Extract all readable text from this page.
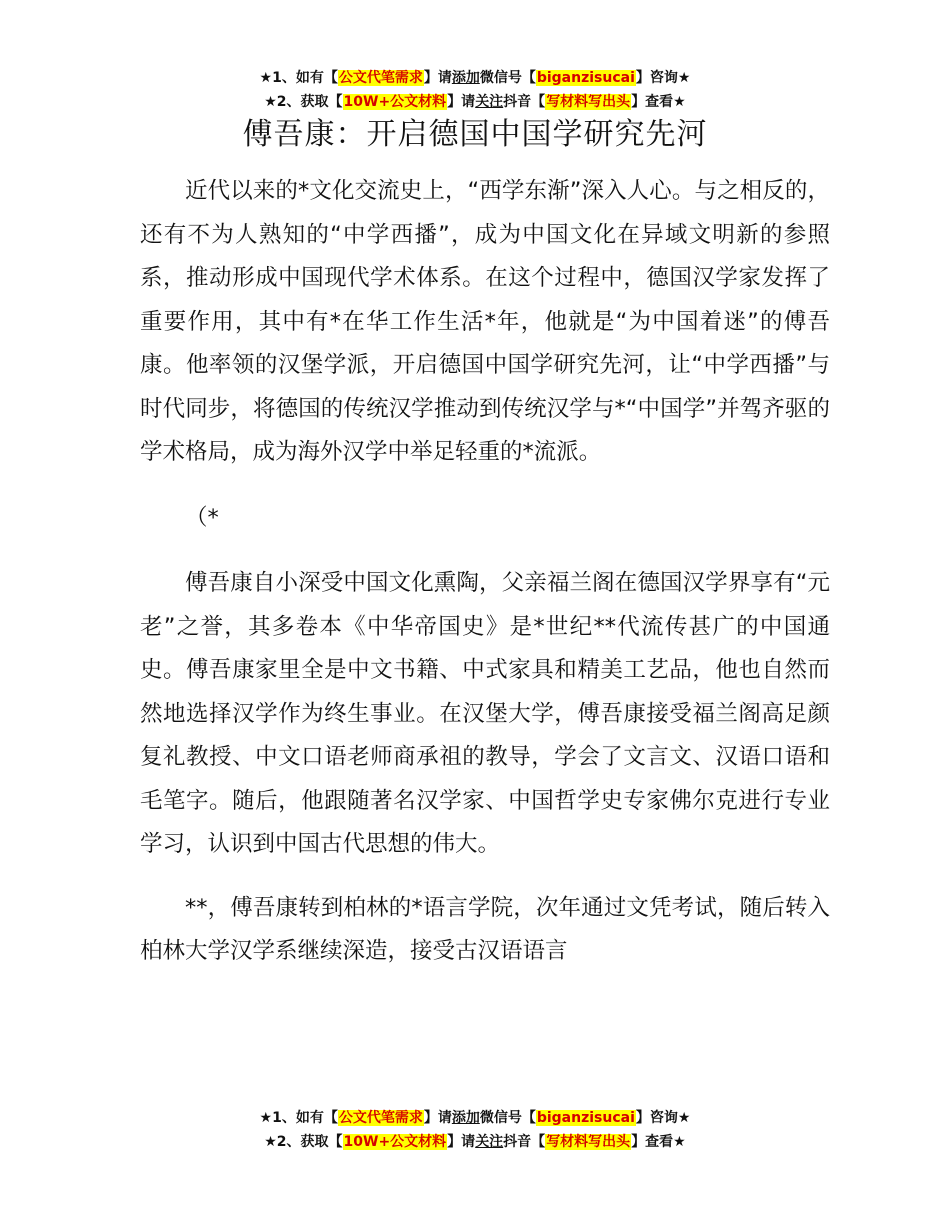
★1、如有【公文代笔需求】请添加微信号【biganzisucai】咨询★
★2、获取【10W+公文材料】请关注抖音【写材料写出头】查看★
傅吾康：开启德国中国学研究先河

近代以来的*文化交流史上，“西学东渐”深入人心。与之相反的，还有不为人熟知的“中学西播”，成为中国文化在异域文明新的参照系，推动形成中国现代学术体系。在这个过程中，德国汉学家发挥了重要作用，其中有*在华工作生活*年，他就是“为中国着迷”的傅吾康。他率领的汉堡学派，开启德国中国学研究先河，让“中学西播”与时代同步，将德国的传统汉学推动到传统汉学与*“中国学”并驾齐驱的学术格局，成为海外汉学中举足轻重的*流派。

（*

傅吾康自小深受中国文化熏陶，父亲福兰阁在德国汉学界享有“元老”之誉，其多卷本《中华帝国史》是*世纪**代流传甚广的中国通史。傅吾康家里全是中文书籍、中式家具和精美工艺品，他也自然而然地选择汉学作为终生事业。在汉堡大学，傅吾康接受福兰阁高足颜复礼教授、中文口语老师商承祖的教导，学会了文言文、汉语口语和毛笔字。随后，他跟随著名汉学家、中国哲学史专家佛尔克进行专业学习，认识到中国古代思想的伟大。

**，傅吾康转到柏林的*语言学院，次年通过文凭考试，随后转入柏林大学汉学系继续深造，接受古汉语语言

★1、如有【公文代笔需求】请添加微信号【biganzisucai】咨询★
★2、获取【10W+公文材料】请关注抖音【写材料写出头】查看★
